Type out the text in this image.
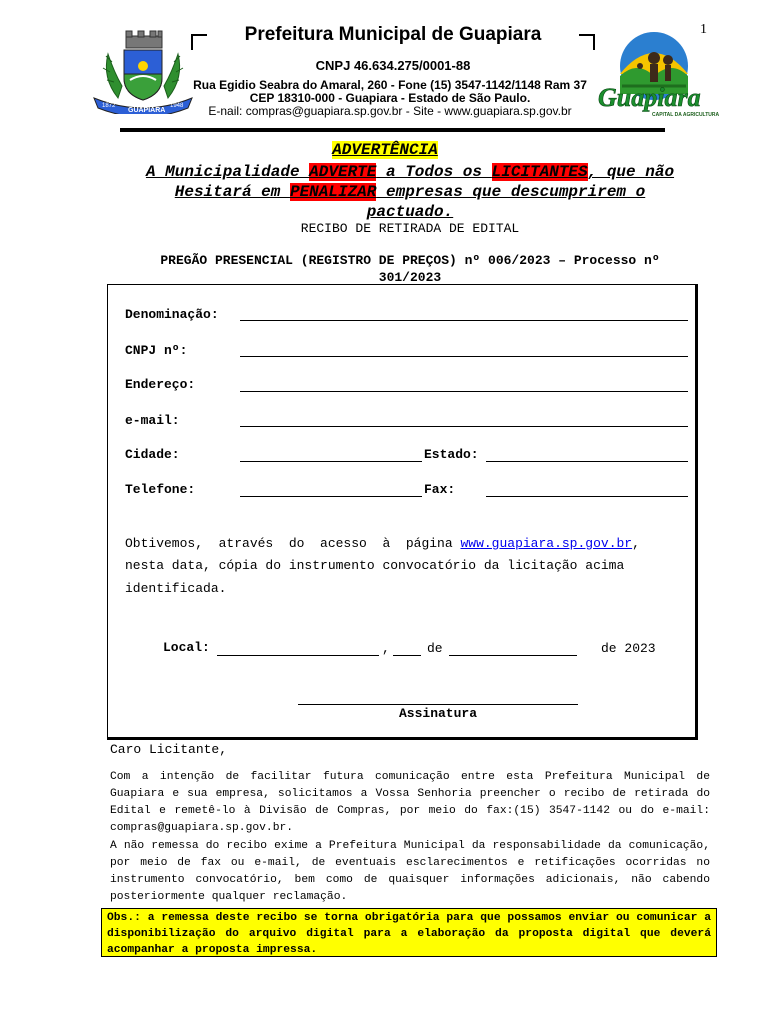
1
1872
GUAPIARA
1948
Prefeitura Municipal de Guapiara
CNPJ 46.634.275/0001-88
Rua Egidio Seabra do Amaral, 260 - Fone (15) 3547-1142/1148 Ram 37
CEP 18310-000 - Guapiara - Estado de São Paulo.
E-nail: compras@guapiara.sp.gov.br - Site - www.guapiara.sp.gov.br	Guapiara
CAPITAL DA AGRICULTURA
ADVERTÊNCIA
A Municipalidade ADVERTE a Todos os LICITANTES, que não
Hesitará em PENALIZAR empresas que descumprirem o
pactuado.
RECIBO DE RETIRADA DE EDITAL
PREGÃO PRESENCIAL (REGISTRO DE PREÇOS) nº 006/2023 – Processo nº
301/2023
Denominação:
CNPJ nº:
Endereço:
e-mail:
Cidade:	Estado:
Telefone:	Fax:
Obtivemos,  através  do  acesso  à  página www.guapiara.sp.gov.br,
nesta data, cópia do instrumento convocatório da licitação acima
identificada.
Local:	,	de	de 2023
Assinatura
Caro Licitante,
Com a intenção de facilitar futura comunicação entre esta Prefeitura Municipal de Guapiara e sua empresa, solicitamos a Vossa Senhoria preencher o recibo de retirada do Edital e remetê-lo à Divisão de Compras, por meio do fax:(15) 3547-1142 ou do e-mail: compras@guapiara.sp.gov.br.
A não remessa do recibo exime a Prefeitura Municipal da responsabilidade da comunicação, por meio de fax ou e-mail, de eventuais esclarecimentos e retificações ocorridas no instrumento convocatório, bem como de quaisquer informações adicionais, não cabendo posteriormente qualquer reclamação.
Obs.: a remessa deste recibo se torna obrigatória para que possamos enviar ou comunicar a disponibilização do arquivo digital para a elaboração da proposta digital que deverá acompanhar a proposta impressa.
